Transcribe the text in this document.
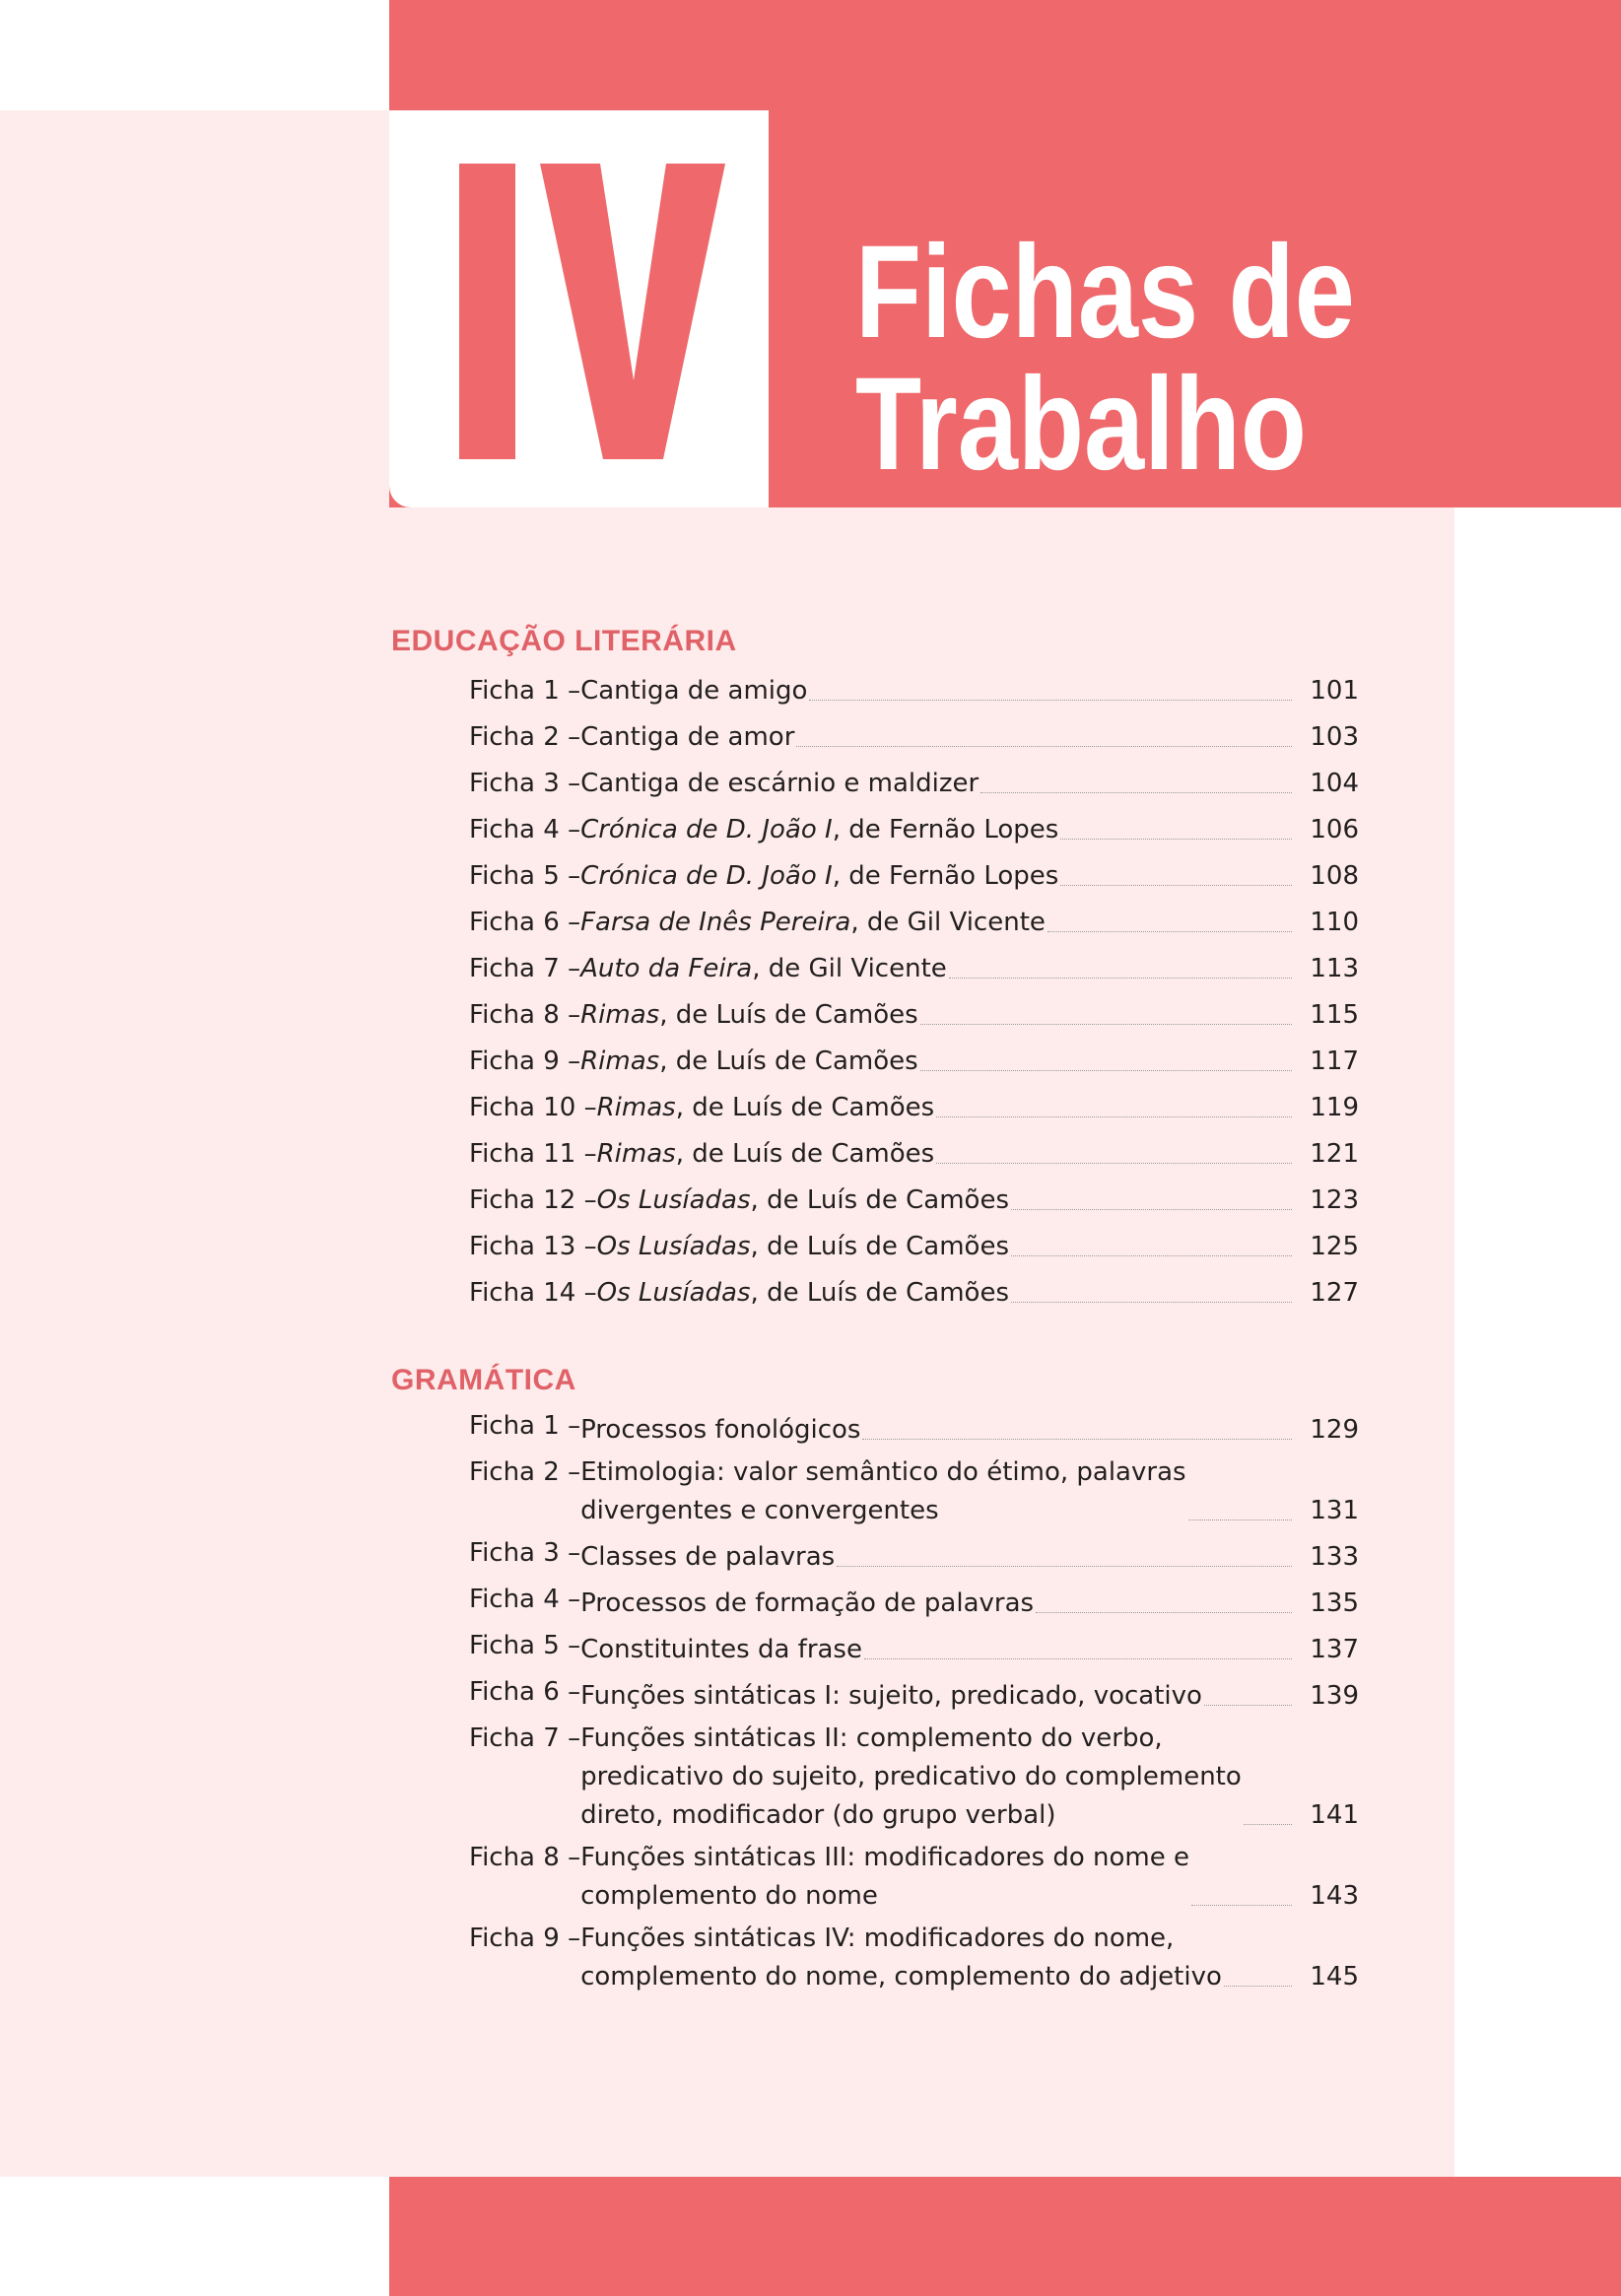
Fichas de
Trabalho
EDUCAÇÃO LITERÁRIA
Ficha 1 – Cantiga de amigo	101
Ficha 2 – Cantiga de amor	103
Ficha 3 – Cantiga de escárnio e maldizer	104
Ficha 4 – Crónica de D. João I, de Fernão Lopes	106
Ficha 5 – Crónica de D. João I, de Fernão Lopes	108
Ficha 6 – Farsa de Inês Pereira, de Gil Vicente	110
Ficha 7 – Auto da Feira, de Gil Vicente	113
Ficha 8 – Rimas, de Luís de Camões	115
Ficha 9 – Rimas, de Luís de Camões	117
Ficha 10 – Rimas, de Luís de Camões	119
Ficha 11 – Rimas, de Luís de Camões	121
Ficha 12 – Os Lusíadas, de Luís de Camões	123
Ficha 13 – Os Lusíadas, de Luís de Camões	125
Ficha 14 – Os Lusíadas, de Luís de Camões	127
GRAMÁTICA
Ficha 1 – Processos fonológicos	129
Ficha 2 – Etimologia: valor semântico do étimo, palavras
divergentes e convergentes	131
Ficha 3 – Classes de palavras	133
Ficha 4 – Processos de formação de palavras	135
Ficha 5 – Constituintes da frase	137
Ficha 6 – Funções sintáticas I: sujeito, predicado, vocativo	139
Ficha 7 – Funções sintáticas II: complemento do verbo,
predicativo do sujeito, predicativo do complemento
direto, modificador (do grupo verbal)	141
Ficha 8 – Funções sintáticas III: modificadores do nome e
complemento do nome	143
Ficha 9 – Funções sintáticas IV: modificadores do nome,
complemento do nome, complemento do adjetivo	145
